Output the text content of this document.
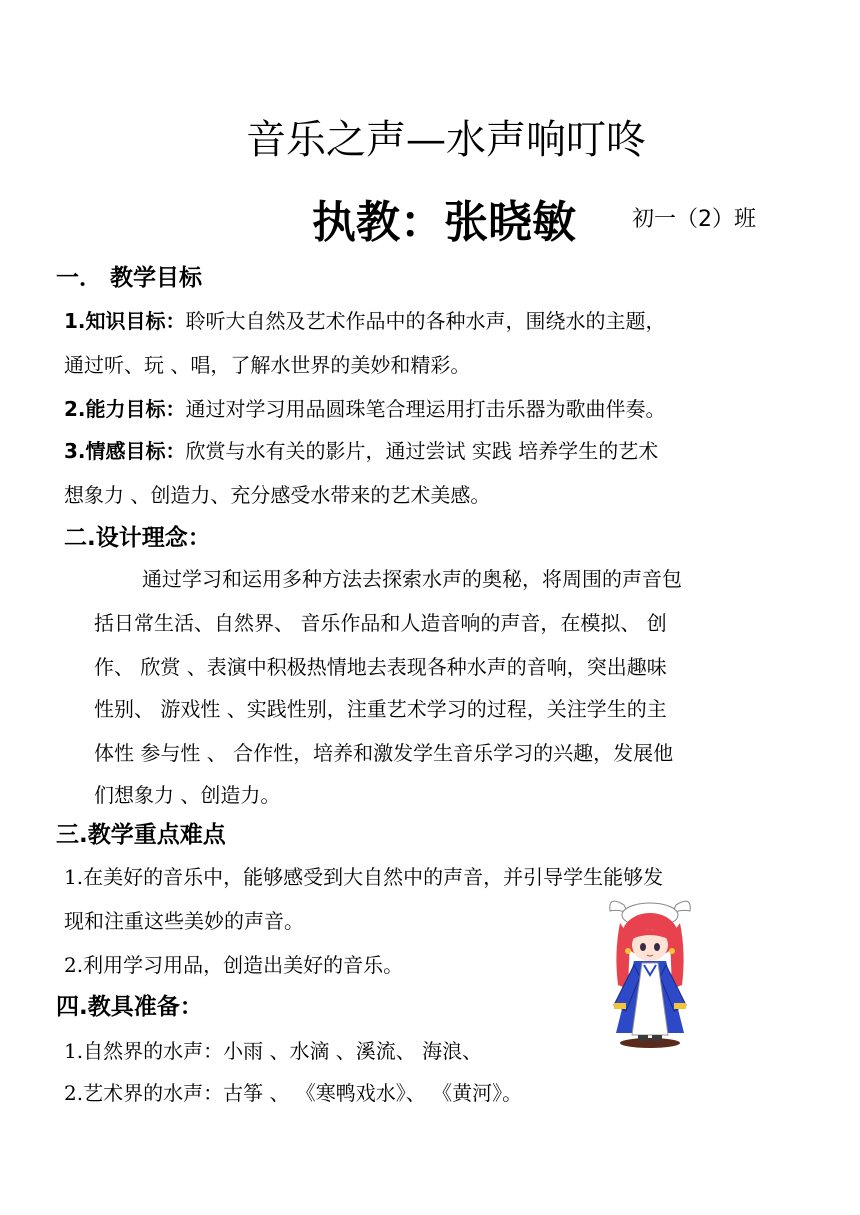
音乐之声—水声响叮咚
执教：张晓敏	初一（2）班
一． 教学目标
1.知识目标：聆听大自然及艺术作品中的各种水声，围绕水的主题，
通过听、玩 、唱，了解水世界的美妙和精彩。
2.能力目标：通过对学习用品圆珠笔合理运用打击乐器为歌曲伴奏。
3.情感目标：欣赏与水有关的影片，通过尝试 实践 培养学生的艺术
想象力 、创造力、充分感受水带来的艺术美感。
二.设计理念：
通过学习和运用多种方法去探索水声的奥秘，将周围的声音包
括日常生活、自然界、 音乐作品和人造音响的声音，在模拟、 创
作、 欣赏 、表演中积极热情地去表现各种水声的音响，突出趣味
性别、 游戏性 、实践性别，注重艺术学习的过程，关注学生的主
体性 参与性 、 合作性，培养和激发学生音乐学习的兴趣，发展他
们想象力 、创造力。
三.教学重点难点
1.在美好的音乐中，能够感受到大自然中的声音，并引导学生能够发
现和注重这些美妙的声音。
2.利用学习用品，创造出美好的音乐。
四.教具准备：
1.自然界的水声：小雨 、水滴 、溪流、 海浪、
2.艺术界的水声：古筝 、 《寒鸭戏水》、 《黄河》。
